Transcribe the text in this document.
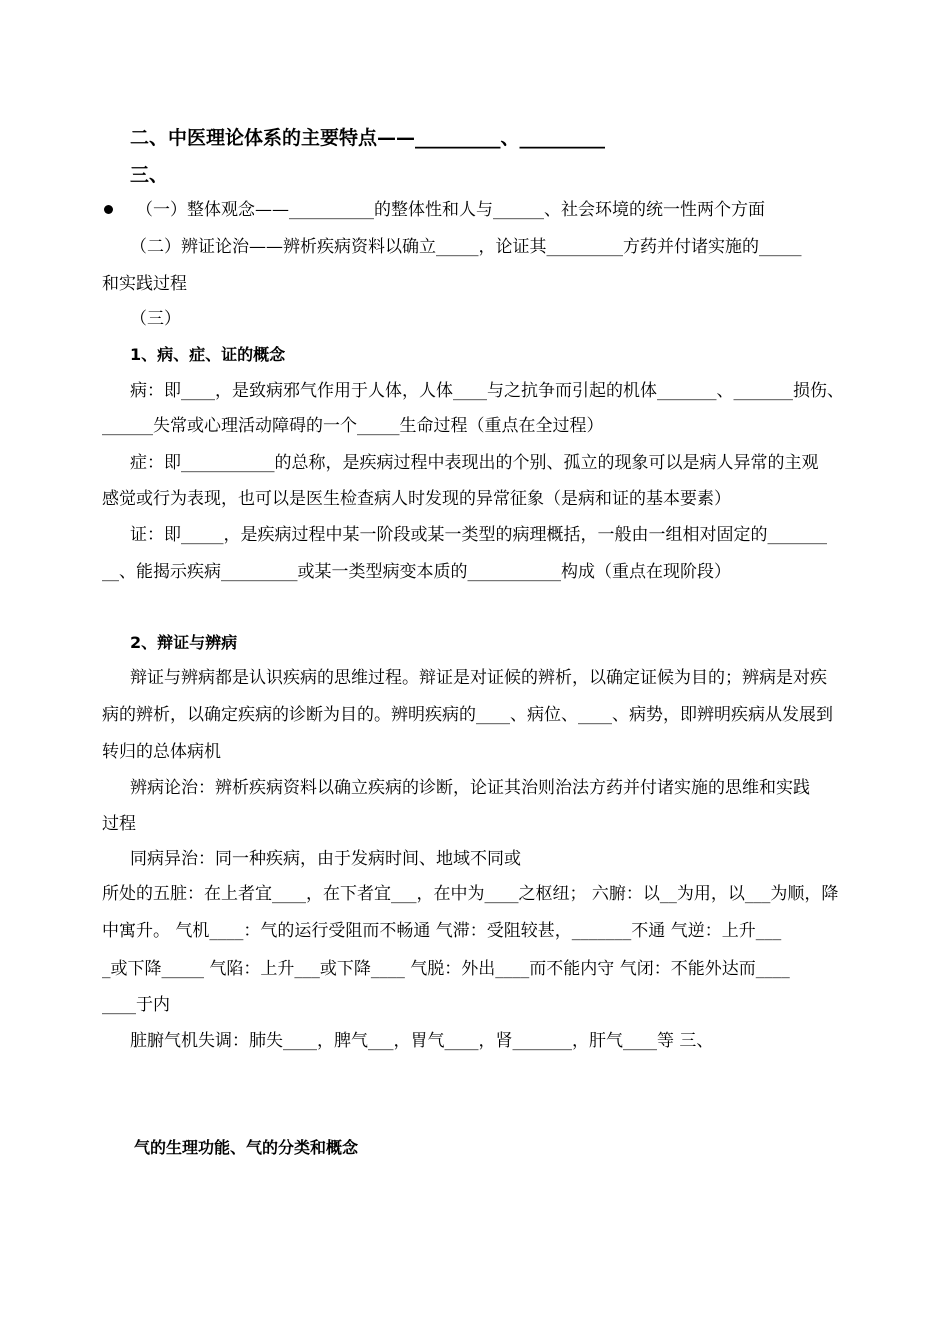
二、中医理论体系的主要特点——_________、_________
三、
（一）整体观念——__________的整体性和人与______、社会环境的统一性两个方面
（二）辨证论治——辨析疾病资料以确立_____，论证其_________方药并付诸实施的_____
和实践过程
（三）
1、病、症、证的概念
病：即____，是致病邪气作用于人体，人体____与之抗争而引起的机体_______、_______损伤、
______失常或心理活动障碍的一个_____生命过程（重点在全过程）
症：即___________的总称，是疾病过程中表现出的个别、孤立的现象可以是病人异常的主观
感觉或行为表现，也可以是医生检查病人时发现的异常征象（是病和证的基本要素）
证：即_____，是疾病过程中某一阶段或某一类型的病理概括，一般由一组相对固定的_______
__、能揭示疾病_________或某一类型病变本质的___________构成（重点在现阶段）
2、辩证与辨病
辩证与辨病都是认识疾病的思维过程。辩证是对证候的辨析，以确定证候为目的；辨病是对疾
病的辨析，以确定疾病的诊断为目的。辨明疾病的____、病位、____、病势，即辨明疾病从发展到
转归的总体病机
辨病论治：辨析疾病资料以确立疾病的诊断，论证其治则治法方药并付诸实施的思维和实践
过程
同病异治：同一种疾病，由于发病时间、地域不同或
所处的五脏：在上者宜____，在下者宜___，在中为____之枢纽； 六腑：以__为用，以___为顺，降
中寓升。 气机____：气的运行受阻而不畅通 气滞：受阻较甚，_______不通 气逆：上升___
_或下降_____ 气陷：上升___或下降____ 气脱：外出____而不能内守 气闭：不能外达而____
____于内
脏腑气机失调：肺失____，脾气___，胃气____，肾_______，肝气____等 三、
气的生理功能、气的分类和概念
